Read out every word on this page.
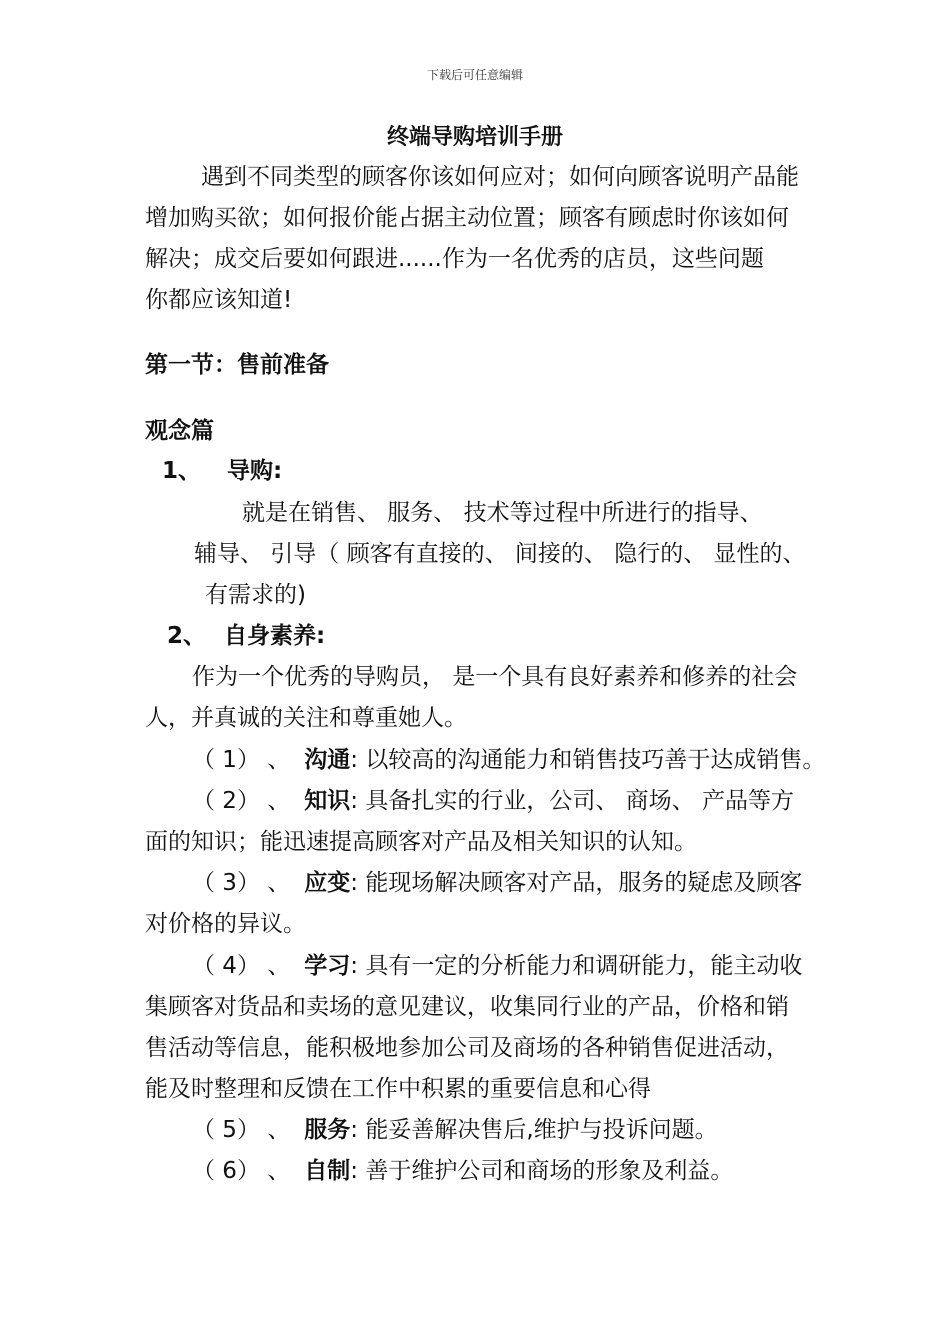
下载后可任意编辑
终端导购培训手册
遇到不同类型的顾客你该如何应对；如何向顾客说明产品能
增加购买欲；如何报价能占据主动位置；顾客有顾虑时你该如何
解决；成交后要如何跟进......作为一名优秀的店员，这些问题
你都应该知道!
第一节：售前准备
观念篇
1、 导购:
就是在销售、 服务、 技术等过程中所进行的指导、
辅导、 引导（ 顾客有直接的、 间接的、 隐行的、 显性的、
有需求的)
2、 自身素养:
作为一个优秀的导购员， 是一个具有良好素养和修养的社会
人，并真诚的关注和尊重她人。
（ 1） 、 沟通: 以较高的沟通能力和销售技巧善于达成销售。
（ 2） 、 知识: 具备扎实的行业，公司、 商场、 产品等方
面的知识；能迅速提高顾客对产品及相关知识的认知。
（ 3） 、 应变: 能现场解决顾客对产品，服务的疑虑及顾客
对价格的异议。
（ 4） 、 学习: 具有一定的分析能力和调研能力，能主动收
集顾客对货品和卖场的意见建议，收集同行业的产品，价格和销
售活动等信息，能积极地参加公司及商场的各种销售促进活动，
能及时整理和反馈在工作中积累的重要信息和心得
（ 5） 、 服务: 能妥善解决售后,维护与投诉问题。
（ 6） 、 自制: 善于维护公司和商场的形象及利益。
